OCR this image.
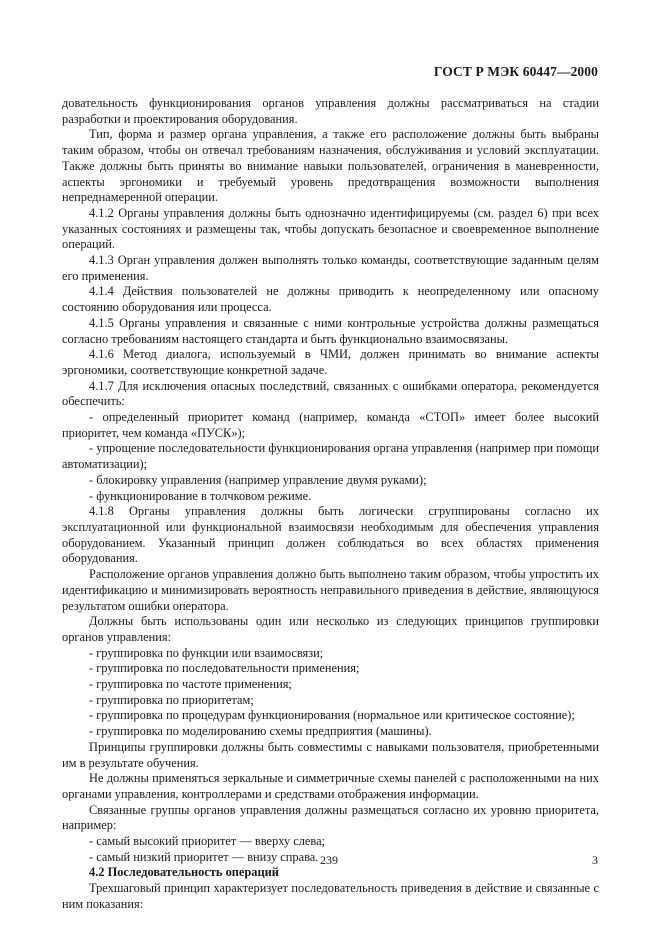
ГОСТ Р МЭК 60447—2000

довательность функционирования органов управления должны рассматриваться на стадии разработки и проектирования оборудования.

Тип, форма и размер органа управления, а также его расположение должны быть выбраны таким образом, чтобы он отвечал требованиям назначения, обслуживания и условий эксплуатации. Также должны быть приняты во внимание навыки пользователей, ограничения в маневренности, аспекты эргономики и требуемый уровень предотвращения возможности выполнения непреднамеренной операции.

4.1.2 Органы управления должны быть однозначно идентифицируемы (см. раздел 6) при всех указанных состояниях и размещены так, чтобы допускать безопасное и своевременное выполнение операций.

4.1.3 Орган управления должен выполнять только команды, соответствующие заданным целям его применения.

4.1.4 Действия пользователей не должны приводить к неопределенному или опасному состоянию оборудования или процесса.

4.1.5 Органы управления и связанные с ними контрольные устройства должны размещаться согласно требованиям настоящего стандарта и быть функционально взаимосвязаны.

4.1.6 Метод диалога, используемый в ЧМИ, должен принимать во внимание аспекты эргономики, соответствующие конкретной задаче.

4.1.7 Для исключения опасных последствий, связанных с ошибками оператора, рекомендуется обеспечить:

- определенный приоритет команд (например, команда «СТОП» имеет более высокий приоритет, чем команда «ПУСК»);

- упрощение последовательности функционирования органа управления (например при помощи автоматизации);

- блокировку управления (например управление двумя руками);

- функционирование в толчковом режиме.

4.1.8 Органы управления должны быть логически сгруппированы согласно их эксплуатационной или функциональной взаимосвязи необходимым для обеспечения управления оборудованием. Указанный принцип должен соблюдаться во всех областях применения оборудования.

Расположение органов управления должно быть выполнено таким образом, чтобы упростить их идентификацию и минимизировать вероятность неправильного приведения в действие, являющуюся результатом ошибки оператора.

Должны быть использованы один или несколько из следующих принципов группировки органов управления:

- группировка по функции или взаимосвязи;

- группировка по последовательности применения;

- группировка по частоте применения;

- группировка по приоритетам;

- группировка по процедурам функционирования (нормальное или критическое состояние);

- группировка по моделированию схемы предприятия (машины).

Принципы группировки должны быть совместимы с навыками пользователя, приобретенными им в результате обучения.

Не должны применяться зеркальные и симметричные схемы панелей с расположенными на них органами управления, контроллерами и средствами отображения информации.

Связанные группы органов управления должны размещаться согласно их уровню приоритета, например:

- самый высокий приоритет — вверху слева;

- самый низкий приоритет — внизу справа.

4.2 Последовательность операций

Трехшаговый принцип характеризует последовательность приведения в действие и связанные с ним показания:

239	3
